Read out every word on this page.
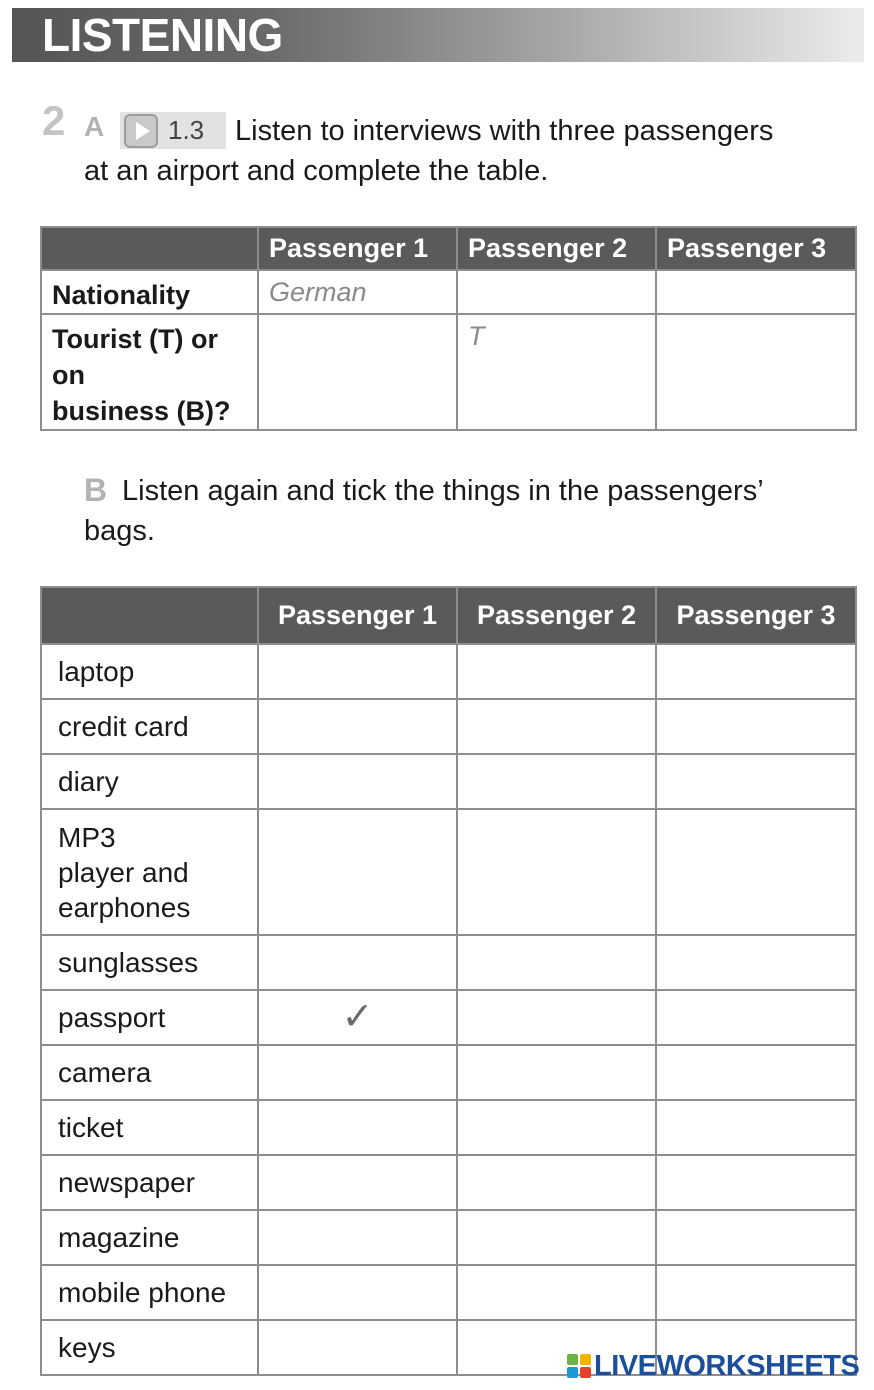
LISTENING
2 A 1.3 Listen to interviews with three passengers
at an airport and complete the table.
	Passenger 1	Passenger 2	Passenger 3
Nationality	German		

Tourist (T) or
on
business (B)?		T	
B Listen again and tick the things in the passengers’
bags.
	Passenger 1	Passenger 2	Passenger 3
laptop			
credit card			
diary			

MP3
player and
earphones			

sunglasses			
passport	✓		

camera			
ticket			
newspaper			
magazine			
mobile phone			
keys			
LIVEWORKSHEETS
